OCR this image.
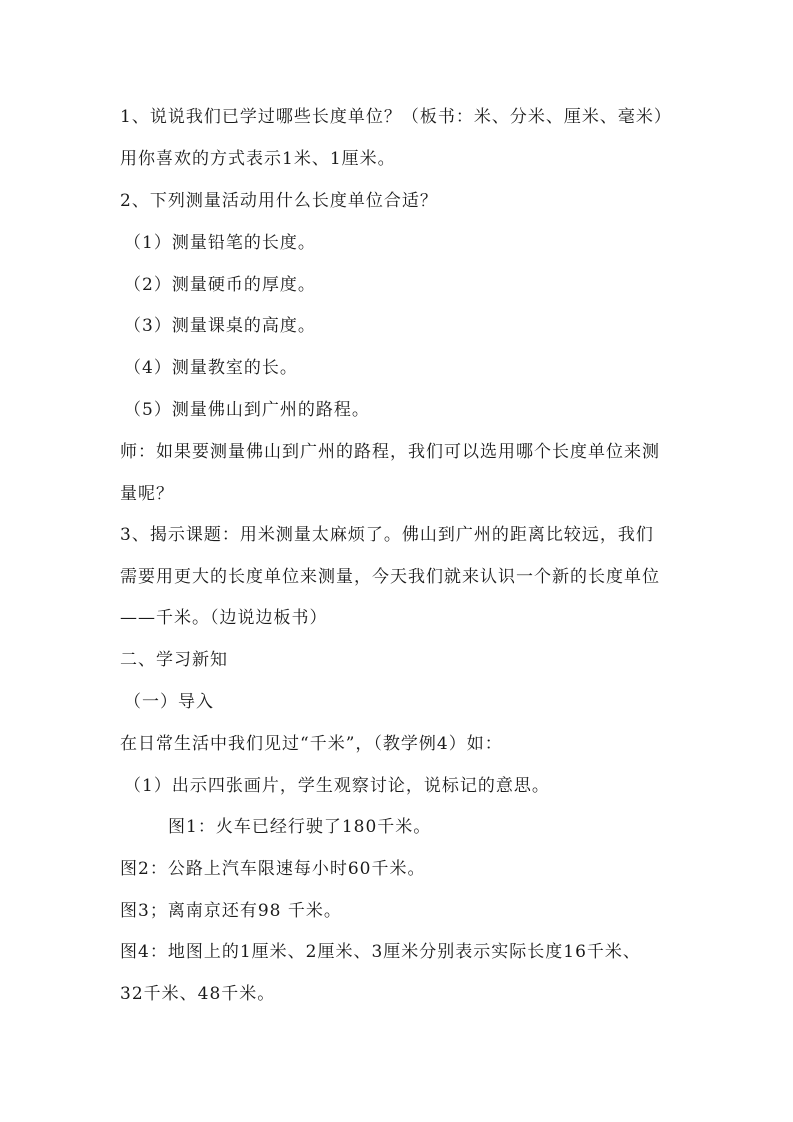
1、说说我们已学过哪些长度单位？（板书：米、分米、厘米、毫米）
用你喜欢的方式表示1米、1厘米。
2、下列测量活动用什么长度单位合适？
（1）测量铅笔的长度。
（2）测量硬币的厚度。
（3）测量课桌的高度。
（4）测量教室的长。
（5）测量佛山到广州的路程。
师：如果要测量佛山到广州的路程，我们可以选用哪个长度单位来测
量呢？
3、揭示课题：用米测量太麻烦了。佛山到广州的距离比较远，我们
需要用更大的长度单位来测量，今天我们就来认识一个新的长度单位
——千米。（边说边板书）
二、学习新知
（一）导入
在日常生活中我们见过“千米”，（教学例4）如：
（1）出示四张画片，学生观察讨论，说标记的意思。
图1：火车已经行驶了180千米。
图2：公路上汽车限速每小时60千米。
图3；离南京还有98 千米。
图4：地图上的1厘米、2厘米、3厘米分别表示实际长度16千米、
32千米、48千米。
